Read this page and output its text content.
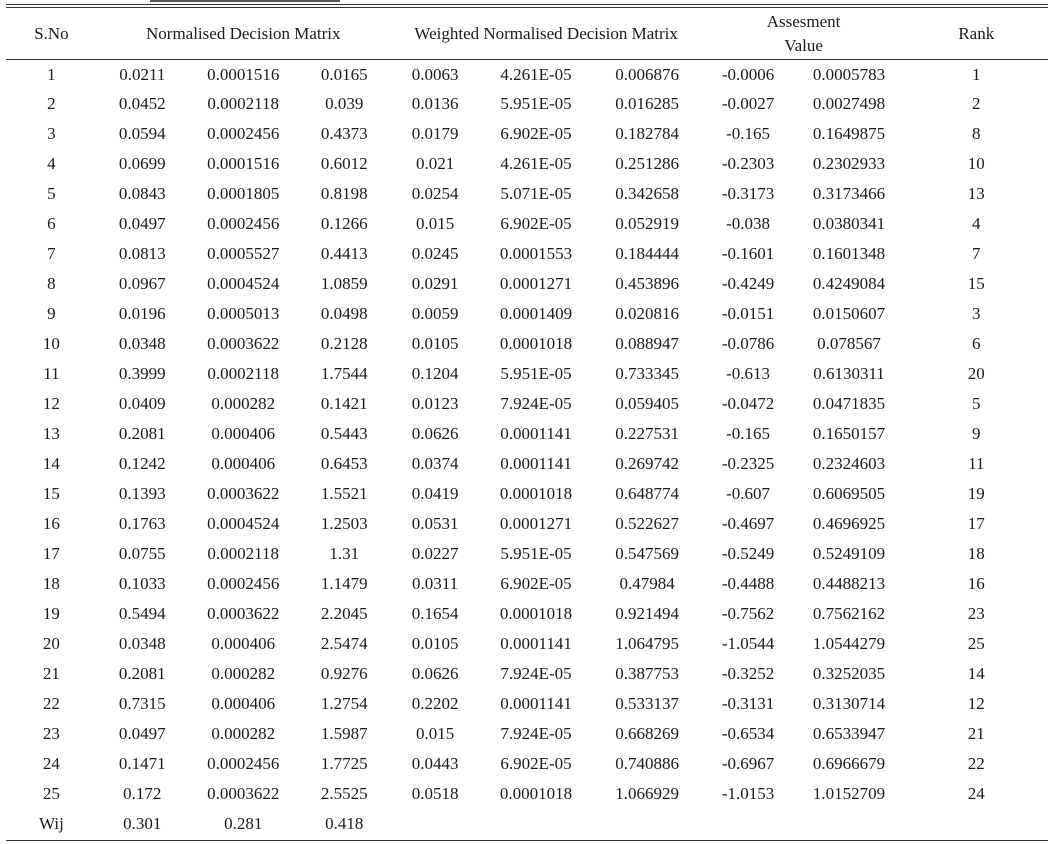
S.No	Normalised Decision Matrix			Weighted Normalised Decision Matrix			Assesment
Value		Rank
1	0.0211	0.0001516	0.0165	0.0063	4.261E-05	0.006876	-0.0006	0.0005783	1
2	0.0452	0.0002118	0.039	0.0136	5.951E-05	0.016285	-0.0027	0.0027498	2
3	0.0594	0.0002456	0.4373	0.0179	6.902E-05	0.182784	-0.165	0.1649875	8
4	0.0699	0.0001516	0.6012	0.021	4.261E-05	0.251286	-0.2303	0.2302933	10
5	0.0843	0.0001805	0.8198	0.0254	5.071E-05	0.342658	-0.3173	0.3173466	13
6	0.0497	0.0002456	0.1266	0.015	6.902E-05	0.052919	-0.038	0.0380341	4
7	0.0813	0.0005527	0.4413	0.0245	0.0001553	0.184444	-0.1601	0.1601348	7
8	0.0967	0.0004524	1.0859	0.0291	0.0001271	0.453896	-0.4249	0.4249084	15
9	0.0196	0.0005013	0.0498	0.0059	0.0001409	0.020816	-0.0151	0.0150607	3
10	0.0348	0.0003622	0.2128	0.0105	0.0001018	0.088947	-0.0786	0.078567	6
11	0.3999	0.0002118	1.7544	0.1204	5.951E-05	0.733345	-0.613	0.6130311	20
12	0.0409	0.000282	0.1421	0.0123	7.924E-05	0.059405	-0.0472	0.0471835	5
13	0.2081	0.000406	0.5443	0.0626	0.0001141	0.227531	-0.165	0.1650157	9
14	0.1242	0.000406	0.6453	0.0374	0.0001141	0.269742	-0.2325	0.2324603	11
15	0.1393	0.0003622	1.5521	0.0419	0.0001018	0.648774	-0.607	0.6069505	19
16	0.1763	0.0004524	1.2503	0.0531	0.0001271	0.522627	-0.4697	0.4696925	17
17	0.0755	0.0002118	1.31	0.0227	5.951E-05	0.547569	-0.5249	0.5249109	18
18	0.1033	0.0002456	1.1479	0.0311	6.902E-05	0.47984	-0.4488	0.4488213	16
19	0.5494	0.0003622	2.2045	0.1654	0.0001018	0.921494	-0.7562	0.7562162	23
20	0.0348	0.000406	2.5474	0.0105	0.0001141	1.064795	-1.0544	1.0544279	25
21	0.2081	0.000282	0.9276	0.0626	7.924E-05	0.387753	-0.3252	0.3252035	14
22	0.7315	0.000406	1.2754	0.2202	0.0001141	0.533137	-0.3131	0.3130714	12
23	0.0497	0.000282	1.5987	0.015	7.924E-05	0.668269	-0.6534	0.6533947	21
24	0.1471	0.0002456	1.7725	0.0443	6.902E-05	0.740886	-0.6967	0.6966679	22
25	0.172	0.0003622	2.5525	0.0518	0.0001018	1.066929	-1.0153	1.0152709	24
Wij	0.301	0.281	0.418						
